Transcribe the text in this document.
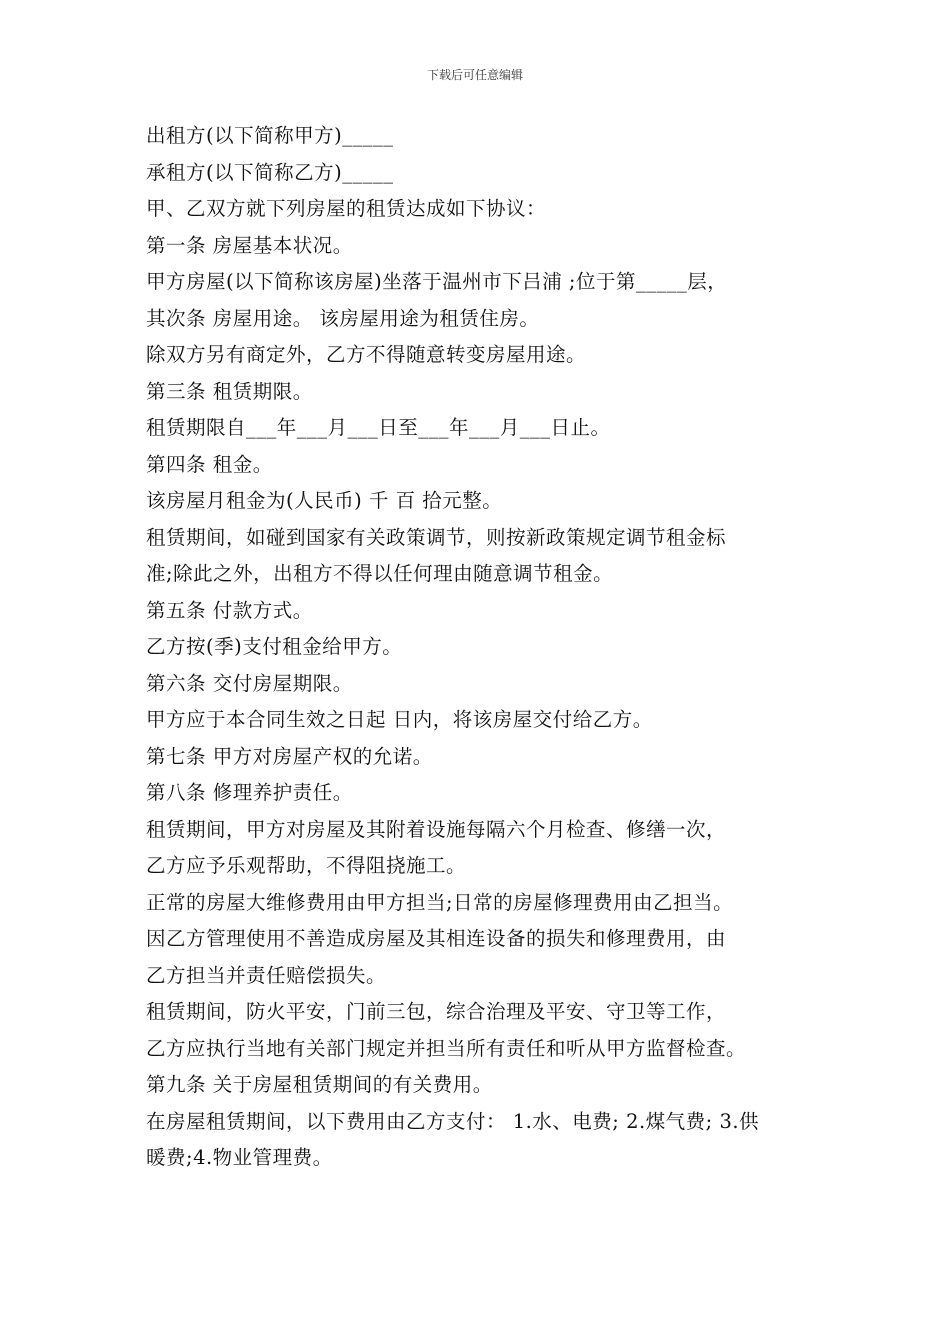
下载后可任意编辑
出租方(以下简称甲方)_____
承租方(以下简称乙方)_____
甲、乙双方就下列房屋的租赁达成如下协议：
第一条 房屋基本状况。
甲方房屋(以下简称该房屋)坐落于温州市下吕浦 ;位于第_____层，
其次条 房屋用途。 该房屋用途为租赁住房。
除双方另有商定外，乙方不得随意转变房屋用途。
第三条 租赁期限。
租赁期限自___年___月___日至___年___月___日止。
第四条 租金。
该房屋月租金为(人民币) 千 百 拾元整。
租赁期间，如碰到国家有关政策调节，则按新政策规定调节租金标
准;除此之外，出租方不得以任何理由随意调节租金。
第五条 付款方式。
乙方按(季)支付租金给甲方。
第六条 交付房屋期限。
甲方应于本合同生效之日起 日内，将该房屋交付给乙方。
第七条 甲方对房屋产权的允诺。
第八条 修理养护责任。
租赁期间，甲方对房屋及其附着设施每隔六个月检查、修缮一次，
乙方应予乐观帮助，不得阻挠施工。
正常的房屋大维修费用由甲方担当;日常的房屋修理费用由乙担当。
因乙方管理使用不善造成房屋及其相连设备的损失和修理费用，由
乙方担当并责任赔偿损失。
租赁期间，防火平安，门前三包，综合治理及平安、守卫等工作，
乙方应执行当地有关部门规定并担当所有责任和听从甲方监督检查。
第九条 关于房屋租赁期间的有关费用。
在房屋租赁期间，以下费用由乙方支付： 1.水、电费; 2.煤气费; 3.供
暖费;4.物业管理费。
